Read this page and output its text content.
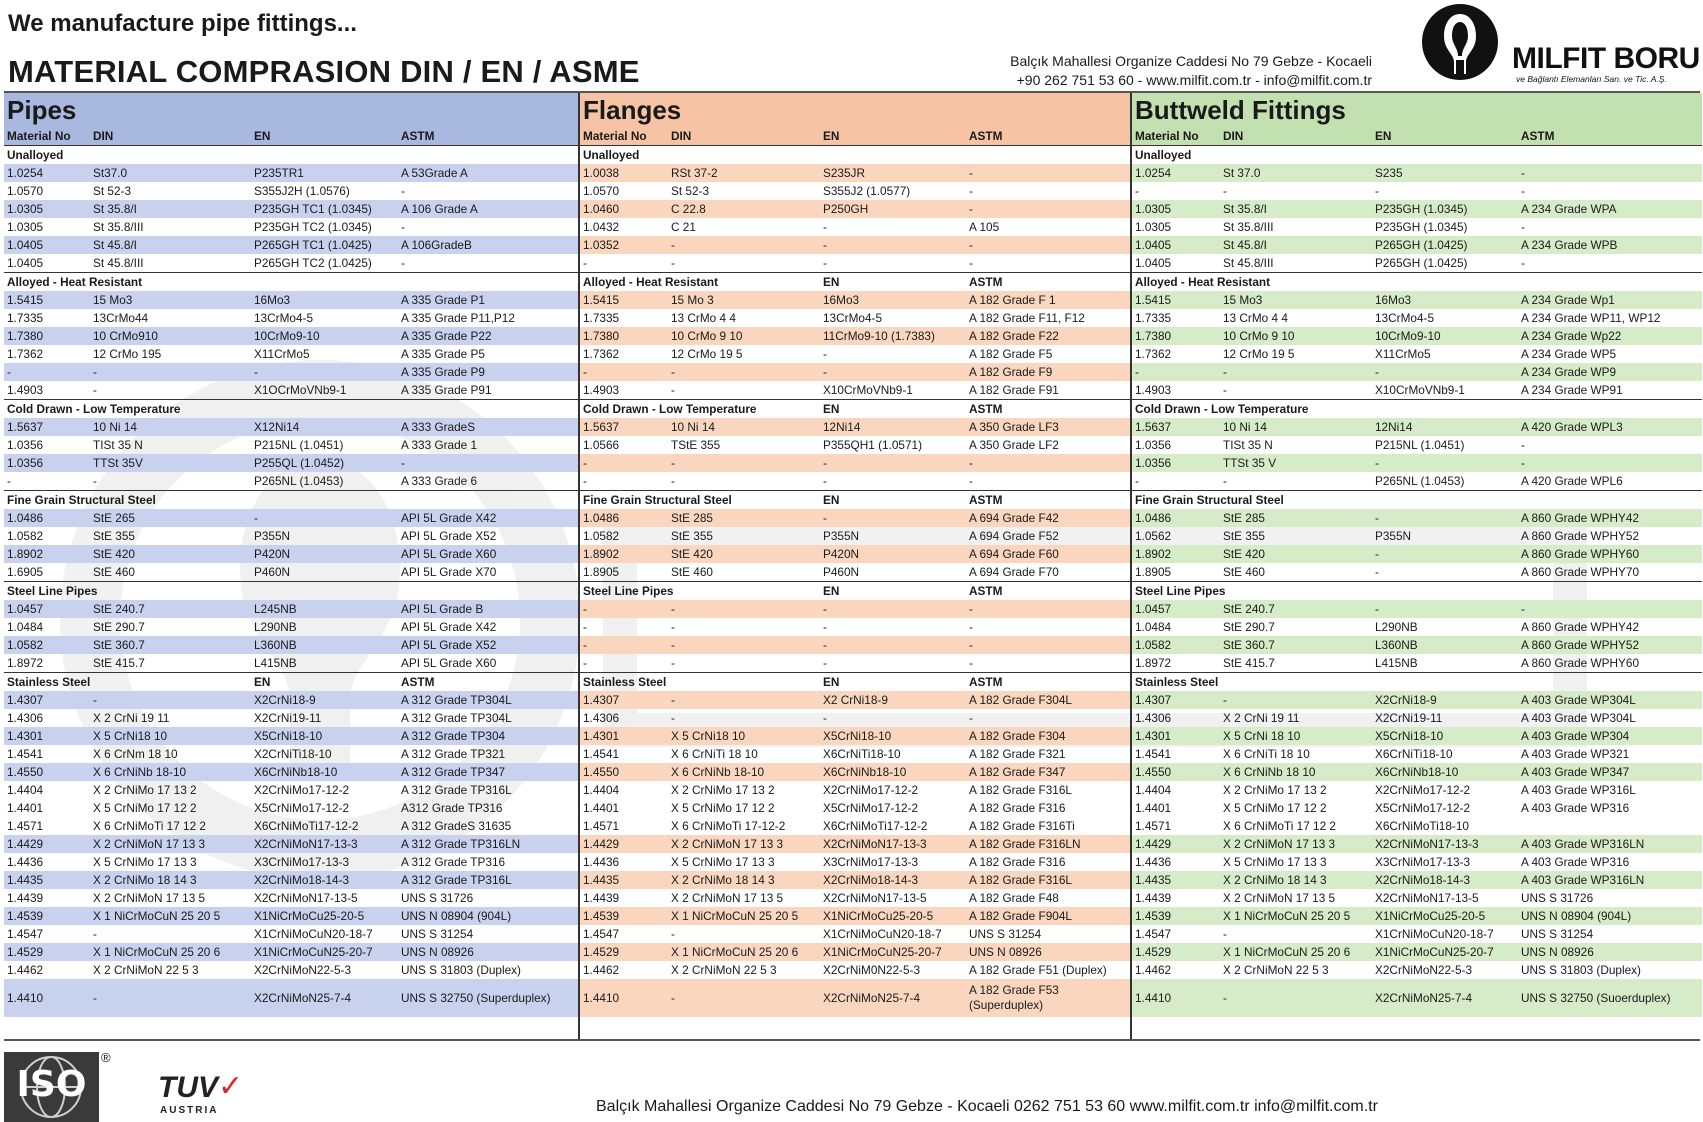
We manufacture pipe fittings...
MATERIAL COMPRASION DIN / EN / ASME	Balçık Mahallesi Organize Caddesi No 79 Gebze - Kocaeli
+90 262 751 53 60 - www.milfit.com.tr - info@milfit.com.tr
MILFIT BORU
ve Bağlantı Elemanları San. ve Tic. A.Ş.
Pipes
Material No	DIN	EN	ASTM
Unalloyed			
1.0254	St37.0	P235TR1	A 53Grade A
1.0570	St 52-3	S355J2H (1.0576)	-
1.0305	St 35.8/I	P235GH TC1 (1.0345)	A 106 Grade A
1.0305	St 35.8/III	P235GH TC2 (1.0345)	-
1.0405	St 45.8/I	P265GH TC1 (1.0425)	A 106GradeB
1.0405	St 45.8/III	P265GH TC2 (1.0425)	-
Alloyed - Heat Resistant			
1.5415	15 Mo3	16Mo3	A 335 Grade P1
1.7335	13CrMo44	13CrMo4-5	A 335 Grade P11,P12
1.7380	10 CrMo910	10CrMo9-10	A 335 Grade P22
1.7362	12 CrMo 195	X11CrMo5	A 335 Grade P5
-	-	-	A 335 Grade P9
1.4903	-	X1OCrMoVNb9-1	A 335 Grade P91
Cold Drawn - Low Temperature			
1.5637	10 Ni 14	X12Ni14	A 333 GradeS
1.0356	TISt 35 N	P215NL (1.0451)	A 333 Grade 1
1.0356	TTSt 35V	P255QL (1.0452)	-
-	-	P265NL (1.0453)	A 333 Grade 6
Fine Grain Structural Steel			
1.0486	StE 265	-	API 5L Grade X42
1.0582	StE 355	P355N	API 5L Grade X52
1.8902	StE 420	P420N	API 5L Grade X60
1.6905	StE 460	P460N	API 5L Grade X70
Steel Line Pipes			
1.0457	StE 240.7	L245NB	API 5L Grade B
1.0484	StE 290.7	L290NB	API 5L Grade X42
1.0582	StE 360.7	L360NB	API 5L Grade X52
1.8972	StE 415.7	L415NB	API 5L Grade X60
Stainless Steel		EN	ASTM
1.4307	-	X2CrNi18-9	A 312 Grade TP304L
1.4306	X 2 CrNi 19 11	X2CrNi19-11	A 312 Grade TP304L
1.4301	X 5 CrNi18 10	X5CrNi18-10	A 312 Grade TP304
1.4541	X 6 CrNm 18 10	X2CrNiTi18-10	A 312 Grade TP321
1.4550	X 6 CrNiNb 18-10	X6CrNiNb18-10	A 312 Grade TP347
1.4404	X 2 CrNiMo 17 13 2	X2CrNiMo17-12-2	A 312 Grade TP316L
1.4401	X 5 CrNiMo 17 12 2	X5CrNiMo17-12-2	A312 Grade TP316
1.4571	X 6 CrNiMoTi 17 12 2	X6CrNiMoTi17-12-2	A 312 GradeS 31635
1.4429	X 2 CrNiMoN 17 13 3	X2CrNiMoN17-13-3	A 312 Grade TP316LN
1.4436	X 5 CrNiMo 17 13 3	X3CrNiMo17-13-3	A 312 Grade TP316
1.4435	X 2 CrNiMo 18 14 3	X2CrNiMo18-14-3	A 312 Grade TP316L
1.4439	X 2 CrNiMoN 17 13 5	X2CrNiMoN17-13-5	UNS S 31726
1.4539	X 1 NiCrMoCuN 25 20 5	X1NiCrMoCu25-20-5	UNS N 08904 (904L)
1.4547	-	X1CrNiMoCuN20-18-7	UNS S 31254
1.4529	X 1 NiCrMoCuN 25 20 6	X1NiCrMoCuN25-20-7	UNS N 08926
1.4462	X 2 CrNiMoN 22 5 3	X2CrNiMoN22-5-3	UNS S 31803 (Duplex)
1.4410	-	X2CrNiMoN25-7-4	UNS S 32750 (Superduplex)
Flanges
Material No	DIN	EN	ASTM
Unalloyed			
1.0038	RSt 37-2	S235JR	-
1.0570	St 52-3	S355J2 (1.0577)	-
1.0460	C 22.8	P250GH	-
1.0432	C 21	-	A 105
1.0352	-	-	-
-	-	-	-
Alloyed - Heat Resistant		EN	ASTM
1.5415	15 Mo 3	16Mo3	A 182 Grade F 1
1.7335	13 CrMo 4 4	13CrMo4-5	A 182 Grade F11, F12
1.7380	10 CrMo 9 10	11CrMo9-10 (1.7383)	A 182 Grade F22
1.7362	12 CrMo 19 5	-	A 182 Grade F5
-	-	-	A 182 Grade F9
1.4903	-	X10CrMoVNb9-1	A 182 Grade F91
Cold Drawn - Low Temperature		EN	ASTM
1.5637	10 Ni 14	12Ni14	A 350 Grade LF3
1.0566	TStE 355	P355QH1 (1.0571)	A 350 Grade LF2
-	-	-	-
-	-	-	-
Fine Grain Structural Steel		EN	ASTM
1.0486	StE 285	-	A 694 Grade F42
1.0582	StE 355	P355N	A 694 Grade F52
1.8902	StE 420	P420N	A 694 Grade F60
1.8905	StE 460	P460N	A 694 Grade F70
Steel Line Pipes		EN	ASTM
-	-	-	-
-	-	-	-
-	-	-	-
-	-	-	-
Stainless Steel		EN	ASTM
1.4307	-	X2 CrNi18-9	A 182 Grade F304L
1.4306	-	-	-
1.4301	X 5 CrNi18 10	X5CrNi18-10	A 182 Grade F304
1.4541	X 6 CrNiTi 18 10	X6CrNiTi18-10	A 182 Grade F321
1.4550	X 6 CrNiNb 18-10	X6CrNiNb18-10	A 182 Grade F347
1.4404	X 2 CrNiMo 17 13 2	X2CrNiMo17-12-2	A 182 Grade F316L
1.4401	X 5 CrNiMo 17 12 2	X5CrNiMo17-12-2	A 182 Grade F316
1.4571	X 6 CrNiMoTi 17-12-2	X6CrNiMoTi17-12-2	A 182 Grade F316Ti
1.4429	X 2 CrNiMoN 17 13 3	X2CrNiMoN17-13-3	A 182 Grade F316LN
1.4436	X 5 CrNiMo 17 13 3	X3CrNiMo17-13-3	A 182 Grade F316
1.4435	X 2 CrNiMo 18 14 3	X2CrNiMo18-14-3	A 182 Grade F316L
1.4439	X 2 CrNiMoN 17 13 5	X2CrNiMoN17-13-5	A 182 Grade F48
1.4539	X 1 NiCrMoCuN 25 20 5	X1NiCrMoCu25-20-5	A 182 Grade F904L
1.4547	-	X1CrNiMoCuN20-18-7	UNS S 31254
1.4529	X 1 NiCrMoCuN 25 20 6	X1NiCrMoCuN25-20-7	UNS N 08926
1.4462	X 2 CrNiMoN 22 5 3	X2CrNiM0N22-5-3	A 182 Grade F51 (Duplex)
1.4410	-	X2CrNiMoN25-7-4	A 182 Grade F53 (Superduplex)
Buttweld Fittings
Material No	DIN	EN	ASTM
Unalloyed			
1.0254	St 37.0	S235	-
-	-	-	-
1.0305	St 35.8/I	P235GH (1.0345)	A 234 Grade WPA
1.0305	St 35.8/III	P235GH (1.0345)	-
1.0405	St 45.8/I	P265GH (1.0425)	A 234 Grade WPB
1.0405	St 45.8/III	P265GH (1.0425)	-
Alloyed - Heat Resistant			
1.5415	15 Mo3	16Mo3	A 234 Grade Wp1
1.7335	13 CrMo 4 4	13CrMo4-5	A 234 Grade WP11, WP12
1.7380	10 CrMo 9 10	10CrMo9-10	A 234 Grade Wp22
1.7362	12 CrMo 19 5	X11CrMo5	A 234 Grade WP5
-	-	-	A 234 Grade WP9
1.4903	-	X10CrMoVNb9-1	A 234 Grade WP91
Cold Drawn - Low Temperature			
1.5637	10 Ni 14	12Ni14	A 420 Grade WPL3
1.0356	TISt 35 N	P215NL (1.0451)	-
1.0356	TTSt 35 V	-	-
-	-	P265NL (1.0453)	A 420 Grade WPL6
Fine Grain Structural Steel			
1.0486	StE 285	-	A 860 Grade WPHY42
1.0562	StE 355	P355N	A 860 Grade WPHY52
1.8902	StE 420	-	A 860 Grade WPHY60
1.8905	StE 460	-	A 860 Grade WPHY70
Steel Line Pipes			
1.0457	StE 240.7	-	-
1.0484	StE 290.7	L290NB	A 860 Grade WPHY42
1.0582	StE 360.7	L360NB	A 860 Grade WPHY52
1.8972	StE 415.7	L415NB	A 860 Grade WPHY60
Stainless Steel			
1.4307	-	X2CrNi18-9	A 403 Grade WP304L
1.4306	X 2 CrNi 19 11	X2CrNi19-11	A 403 Grade WP304L
1.4301	X 5 CrNi 18 10	X5CrNi18-10	A 403 Grade WP304
1.4541	X 6 CrNiTi 18 10	X6CrNiTi18-10	A 403 Grade WP321
1.4550	X 6 CrNiNb 18 10	X6CrNiNb18-10	A 403 Grade WP347
1.4404	X 2 CrNiMo 17 13 2	X2CrNiMo17-12-2	A 403 Grade WP316L
1.4401	X 5 CrNiMo 17 12 2	X5CrNiMo17-12-2	A 403 Grade WP316
1.4571	X 6 CrNiMoTi 17 12 2	X6CrNiMoTi18-10	
1.4429	X 2 CrNiMoN 17 13 3	X2CrNiMoN17-13-3	A 403 Grade WP316LN
1.4436	X 5 CrNiMo 17 13 3	X3CrNiMo17-13-3	A 403 Grade WP316
1.4435	X 2 CrNiMo 18 14 3	X2CrNiMo18-14-3	A 403 Grade WP316LN
1.4439	X 2 CrNiMoN 17 13 5	X2CrNiMoN17-13-5	UNS S 31726
1.4539	X 1 NiCrMoCuN 25 20 5	X1NiCrMoCu25-20-5	UNS N 08904 (904L)
1.4547	-	X1CrNiMoCuN20-18-7	UNS S 31254
1.4529	X 1 NiCrMoCuN 25 20 6	X1NiCrMoCuN25-20-7	UNS N 08926
1.4462	X 2 CrNiMoN 22 5 3	X2CrNiMoN22-5-3	UNS S 31803 (Duplex)
1.4410	-	X2CrNiMoN25-7-4	UNS S 32750 (Suoerduplex)
ISO
®
TUV ✓
AUSTRIA	Balçık Mahallesi Organize Caddesi No 79 Gebze - Kocaeli 0262 751 53 60 www.milfit.com.tr info@milfit.com.tr
